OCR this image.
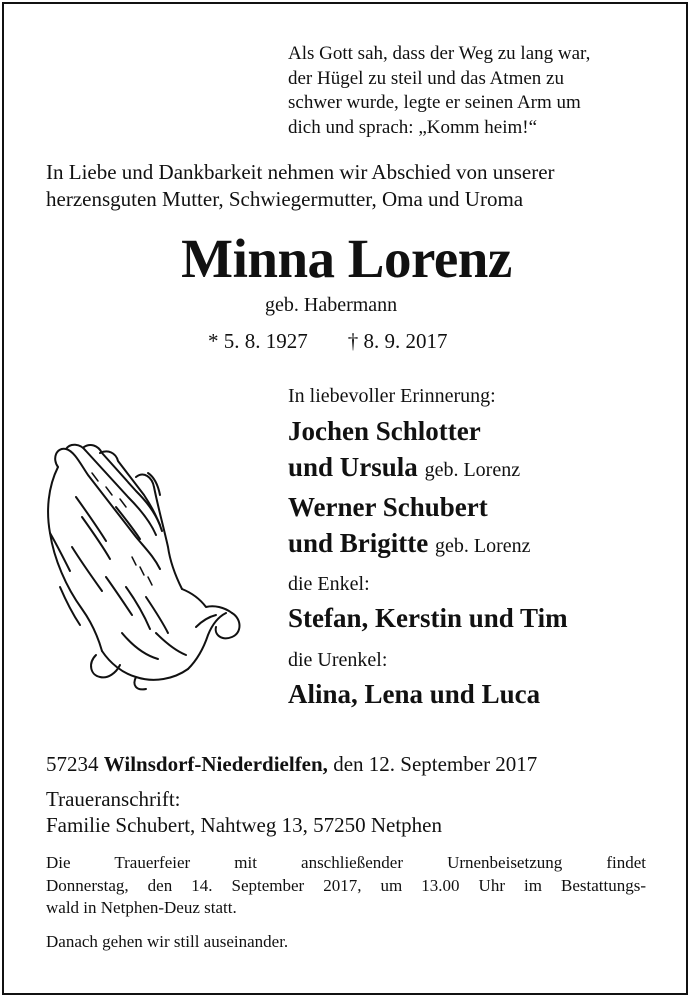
Als Gott sah, dass der Weg zu lang war,
der Hügel zu steil und das Atmen zu
schwer wurde, legte er seinen Arm um
dich und sprach: „Komm heim!“
In Liebe und Dankbarkeit nehmen wir Abschied von unserer
herzensguten Mutter, Schwiegermutter, Oma und Uroma
Minna Lorenz
geb. Habermann
* 5. 8. 1927 † 8. 9. 2017
In liebevoller Erinnerung:
Jochen Schlotter
und Ursula geb. Lorenz
Werner Schubert
und Brigitte geb. Lorenz
die Enkel:
Stefan, Kerstin und Tim
die Urenkel:
Alina, Lena und Luca
57234 Wilnsdorf-Niederdielfen, den 12. September 2017
Traueranschrift:
Familie Schubert, Nahtweg 13, 57250 Netphen
Die Trauerfeier mit anschließender Urnenbeisetzung findet
Donnerstag, den 14. September 2017, um 13.00 Uhr im Bestattungs-
wald in Netphen-Deuz statt.
Danach gehen wir still auseinander.
